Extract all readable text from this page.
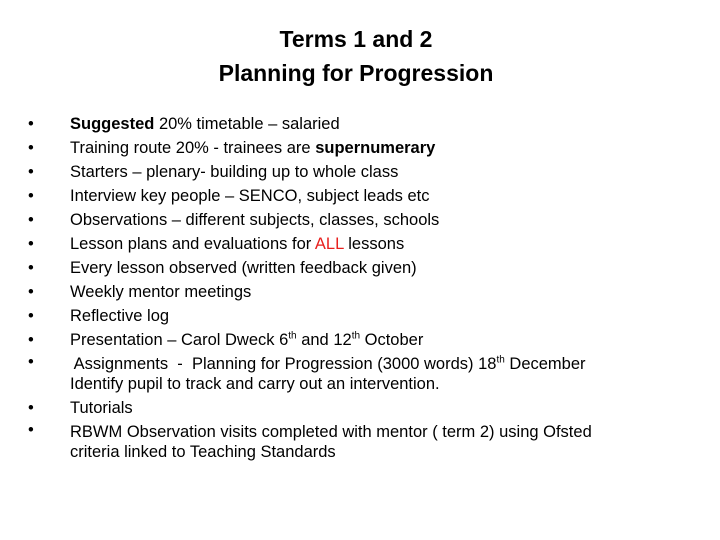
Terms 1 and 2
Planning for Progression
•	Suggested 20% timetable – salaried
•	Training route 20% - trainees are supernumerary
•	Starters – plenary- building up to whole class
•	Interview key people – SENCO, subject leads etc
•	Observations – different subjects, classes, schools
•	Lesson plans and evaluations for ALL lessons
•	Every lesson observed (written feedback given)
•	Weekly mentor meetings
•	Reflective log
•	Presentation – Carol Dweck 6th and 12th October
•	Assignments  -  Planning for Progression (3000 words) 18th December
Identify pupil to track and carry out an intervention.
•	Tutorials
•	RBWM Observation visits completed with mentor ( term 2) using Ofsted
criteria linked to Teaching Standards
